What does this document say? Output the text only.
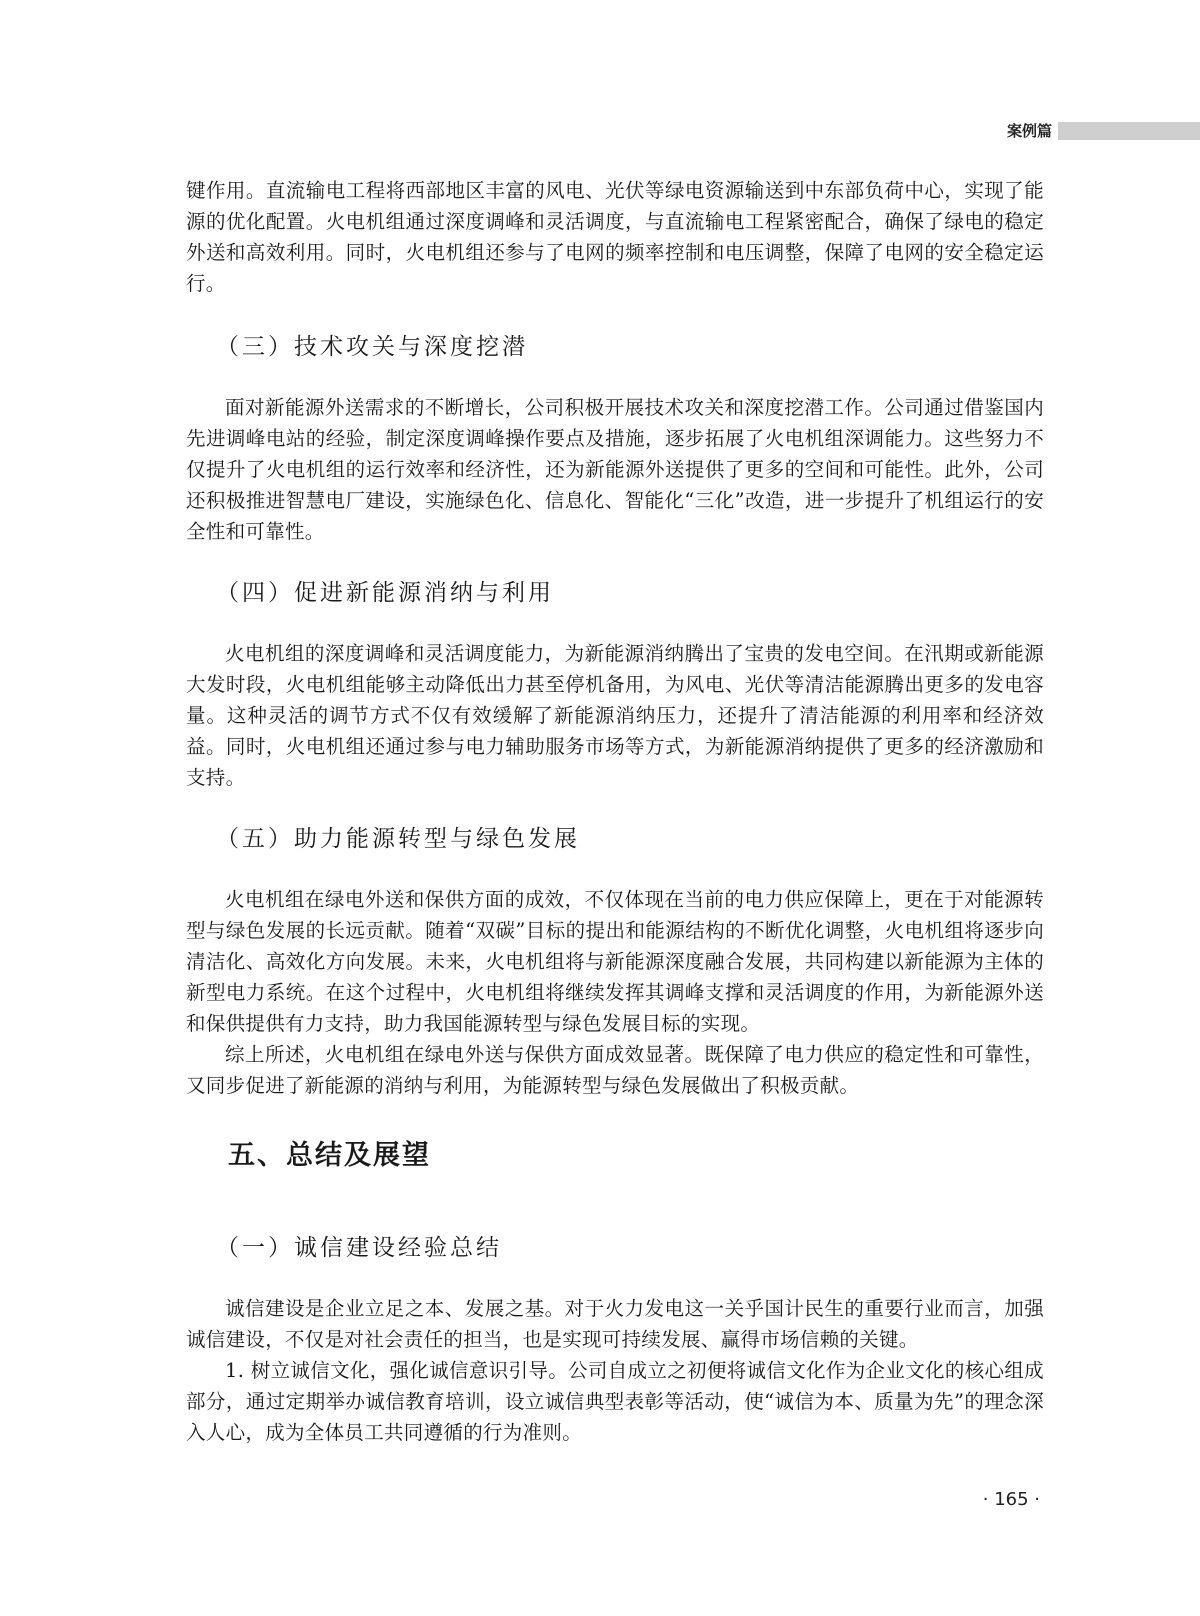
案例篇

键作用。直流输电工程将西部地区丰富的风电、光伏等绿电资源输送到中东部负荷中心，实现了能源的优化配置。火电机组通过深度调峰和灵活调度，与直流输电工程紧密配合，确保了绿电的稳定外送和高效利用。同时，火电机组还参与了电网的频率控制和电压调整，保障了电网的安全稳定运行。

（三）技术攻关与深度挖潜

面对新能源外送需求的不断增长，公司积极开展技术攻关和深度挖潜工作。公司通过借鉴国内先进调峰电站的经验，制定深度调峰操作要点及措施，逐步拓展了火电机组深调能力。这些努力不仅提升了火电机组的运行效率和经济性，还为新能源外送提供了更多的空间和可能性。此外，公司还积极推进智慧电厂建设，实施绿色化、信息化、智能化“三化”改造，进一步提升了机组运行的安全性和可靠性。

（四）促进新能源消纳与利用

火电机组的深度调峰和灵活调度能力，为新能源消纳腾出了宝贵的发电空间。在汛期或新能源大发时段，火电机组能够主动降低出力甚至停机备用，为风电、光伏等清洁能源腾出更多的发电容量。这种灵活的调节方式不仅有效缓解了新能源消纳压力，还提升了清洁能源的利用率和经济效益。同时，火电机组还通过参与电力辅助服务市场等方式，为新能源消纳提供了更多的经济激励和支持。

（五）助力能源转型与绿色发展

火电机组在绿电外送和保供方面的成效，不仅体现在当前的电力供应保障上，更在于对能源转型与绿色发展的长远贡献。随着“双碳”目标的提出和能源结构的不断优化调整，火电机组将逐步向清洁化、高效化方向发展。未来，火电机组将与新能源深度融合发展，共同构建以新能源为主体的新型电力系统。在这个过程中，火电机组将继续发挥其调峰支撑和灵活调度的作用，为新能源外送和保供提供有力支持，助力我国能源转型与绿色发展目标的实现。

综上所述，火电机组在绿电外送与保供方面成效显著。既保障了电力供应的稳定性和可靠性，又同步促进了新能源的消纳与利用，为能源转型与绿色发展做出了积极贡献。

五、总结及展望
（一）诚信建设经验总结

诚信建设是企业立足之本、发展之基。对于火力发电这一关乎国计民生的重要行业而言，加强诚信建设，不仅是对社会责任的担当，也是实现可持续发展、赢得市场信赖的关键。

1. 树立诚信文化，强化诚信意识引导。公司自成立之初便将诚信文化作为企业文化的核心组成部分，通过定期举办诚信教育培训，设立诚信典型表彰等活动，使“诚信为本、质量为先”的理念深入人心，成为全体员工共同遵循的行为准则。

· 165 ·
